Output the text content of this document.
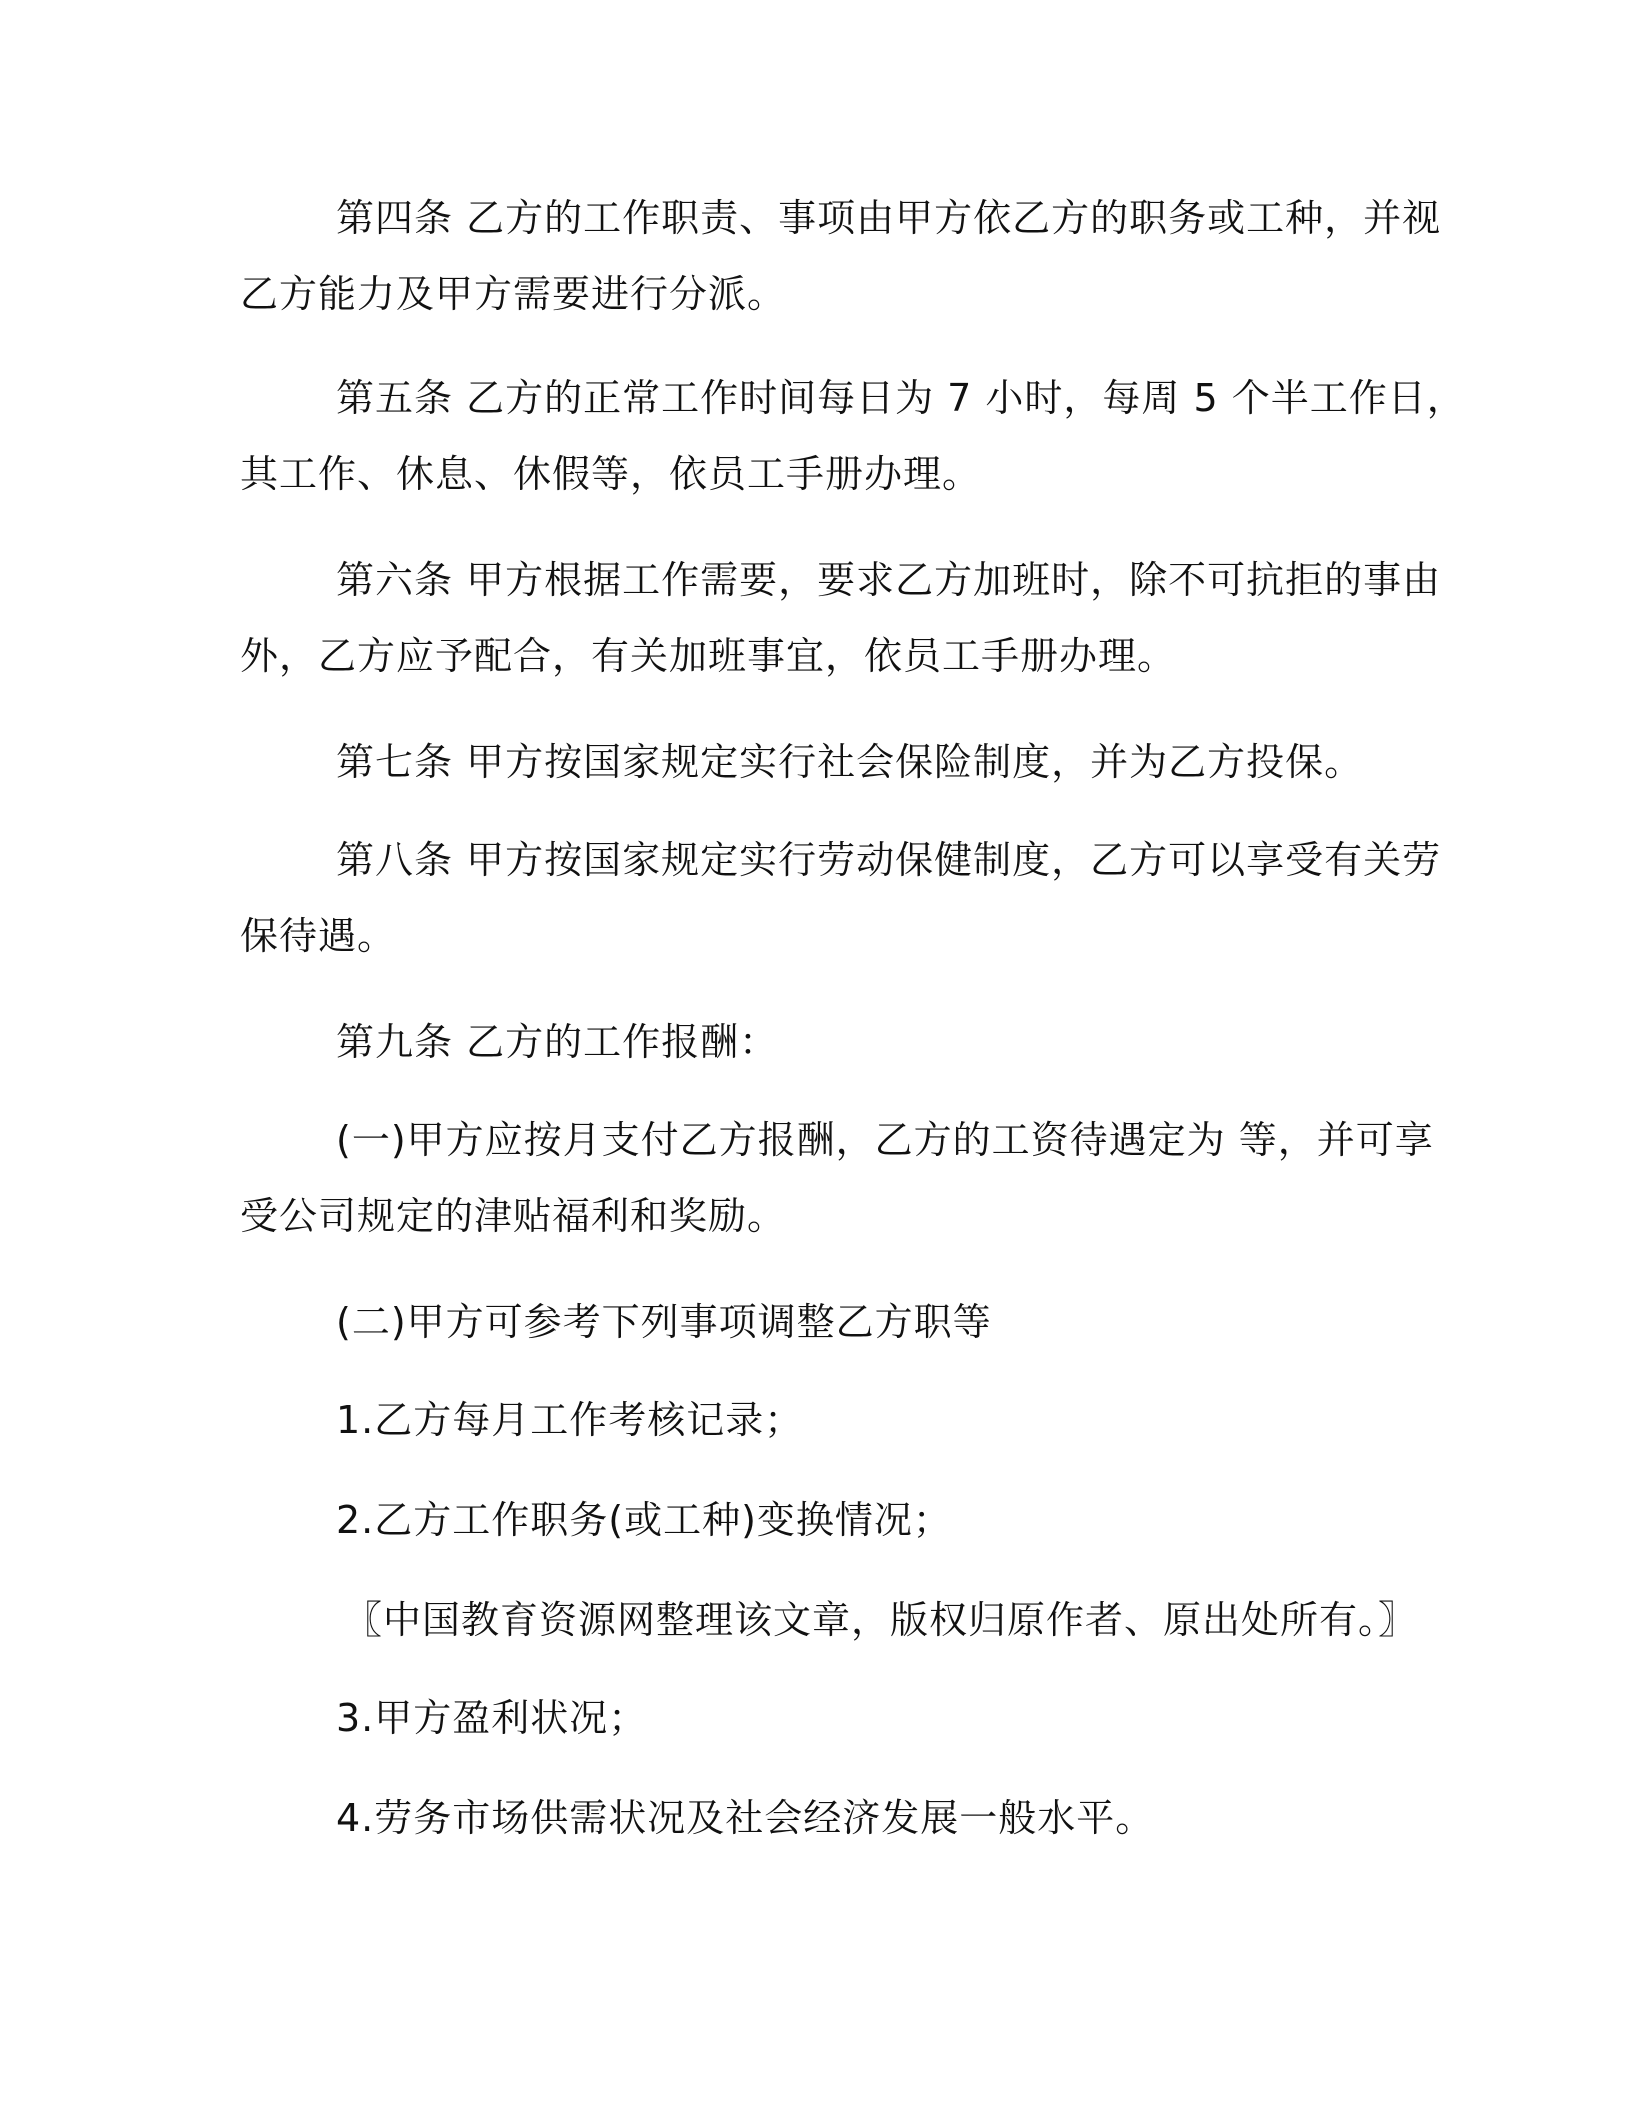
第四条 乙方的工作职责、事项由甲方依乙方的职务或工种，并视
乙方能力及甲方需要进行分派。

第五条 乙方的正常工作时间每日为 7 小时，每周 5 个半工作日，
其工作、休息、休假等，依员工手册办理。

第六条 甲方根据工作需要，要求乙方加班时，除不可抗拒的事由
外，乙方应予配合，有关加班事宜，依员工手册办理。

第七条 甲方按国家规定实行社会保险制度，并为乙方投保。

第八条 甲方按国家规定实行劳动保健制度，乙方可以享受有关劳
保待遇。

第九条 乙方的工作报酬：

(一)甲方应按月支付乙方报酬，乙方的工资待遇定为 等，并可享
受公司规定的津贴福利和奖励。

(二)甲方可参考下列事项调整乙方职等

1.乙方每月工作考核记录；

2.乙方工作职务(或工种)变换情况；

〖中国教育资源网整理该文章，版权归原作者、原出处所有。〗

3.甲方盈利状况；

4.劳务市场供需状况及社会经济发展一般水平。
